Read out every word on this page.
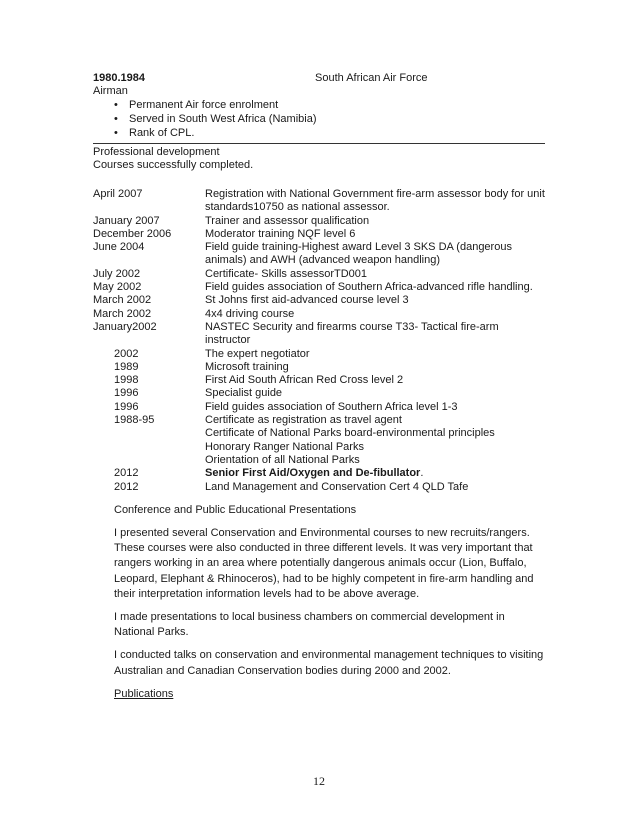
1980.1984	South African Air Force
Airman
• Permanent Air force enrolment
• Served in South West Africa (Namibia)
• Rank of CPL.
Professional development
Courses successfully completed.
April 2007	Registration with National Government fire-arm assessor body for unit standards10750 as national assessor.
January 2007	Trainer and assessor qualification
December 2006	Moderator training NQF level 6
June 2004	Field guide training-Highest award Level 3 SKS DA (dangerous animals) and AWH (advanced weapon handling)
July 2002	Certificate- Skills assessorTD001
May 2002	Field guides association of Southern Africa-advanced rifle handling.
March 2002	St Johns first aid-advanced course level 3
March 2002	4x4 driving course
January2002	NASTEC Security and firearms course T33- Tactical fire-arm instructor
2002	The expert negotiator
1989	Microsoft training
1998	First Aid South African Red Cross level 2
1996	Specialist guide
1996	Field guides association of Southern Africa level 1-3
1988-95	Certificate as registration as travel agent
Certificate of National Parks board-environmental principles
Honorary Ranger National Parks
Orientation of all National Parks
2012	Senior First Aid/Oxygen and De-fibullator.
2012	Land Management and Conservation Cert 4 QLD Tafe

Conference and Public Educational Presentations

I presented several Conservation and Environmental courses to new recruits/rangers. These courses were also conducted in three different levels. It was very important that rangers working in an area where potentially dangerous animals occur (Lion, Buffalo, Leopard, Elephant & Rhinoceros), had to be highly competent in fire-arm handling and their interpretation information levels had to be above average.

I made presentations to local business chambers on commercial development in National Parks.

I conducted talks on conservation and environmental management techniques to visiting Australian and Canadian Conservation bodies during 2000 and 2002.

Publications

12
